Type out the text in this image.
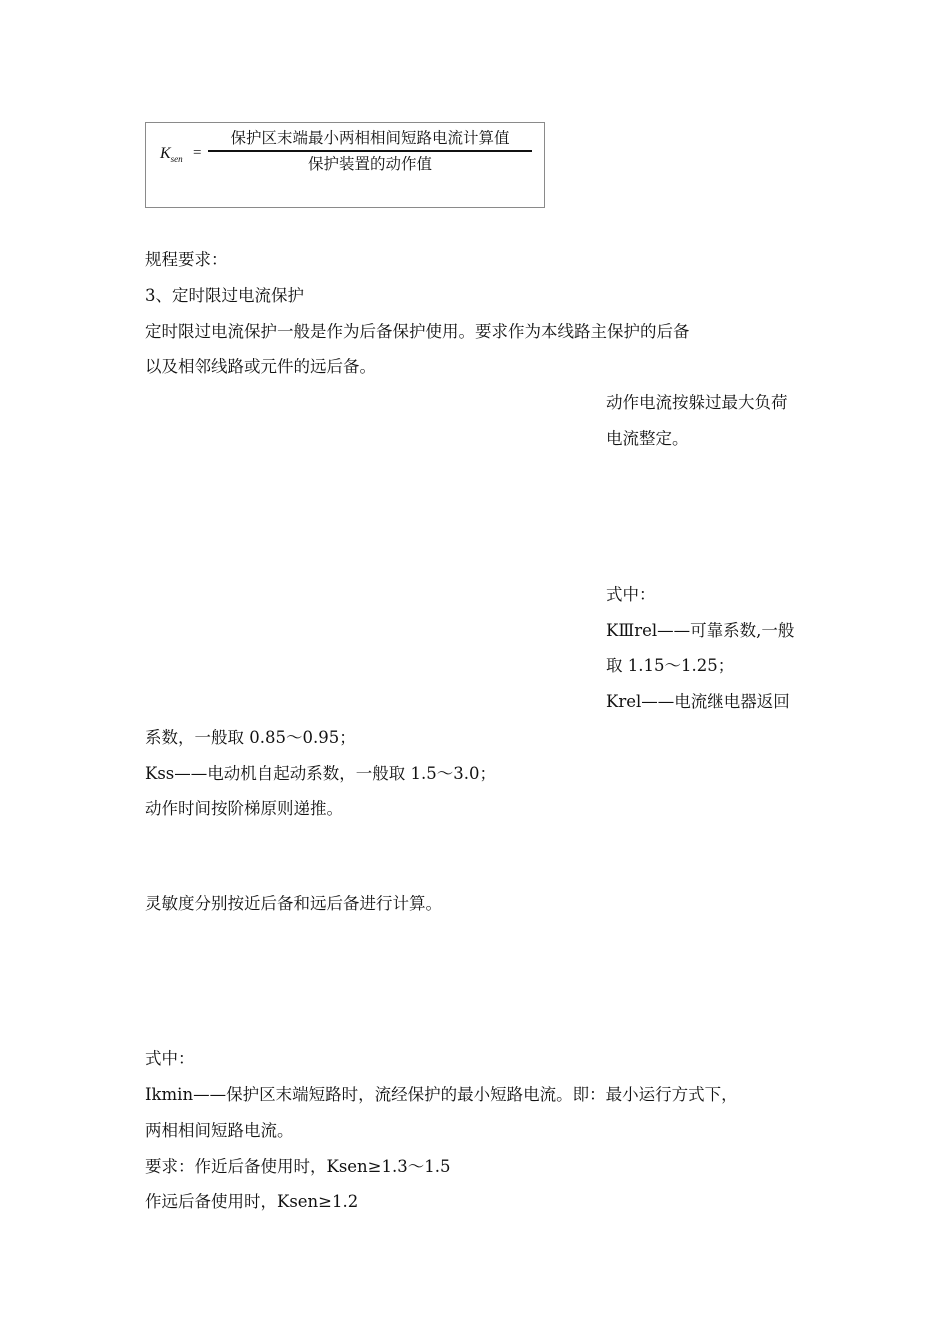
$K_{sen}$ =
保护区末端最小两相相间短路电流计算值
保护装置的动作值
规程要求：
3、定时限过电流保护
定时限过电流保护一般是作为后备保护使用。要求作为本线路主保护的后备
以及相邻线路或元件的远后备。
动作电流按躲过最大负荷
电流整定。
式中：
KⅢrel——可靠系数,一般
取 1.15～1.25；
Krel——电流继电器返回
系数，一般取 0.85～0.95；
Kss——电动机自起动系数，一般取 1.5～3.0；
动作时间按阶梯原则递推。
灵敏度分别按近后备和远后备进行计算。
式中：
Ikmin——保护区末端短路时，流经保护的最小短路电流。即：最小运行方式下，
两相相间短路电流。
要求：作近后备使用时，Ksen≥1.3～1.5
作远后备使用时，Ksen≥1.2
